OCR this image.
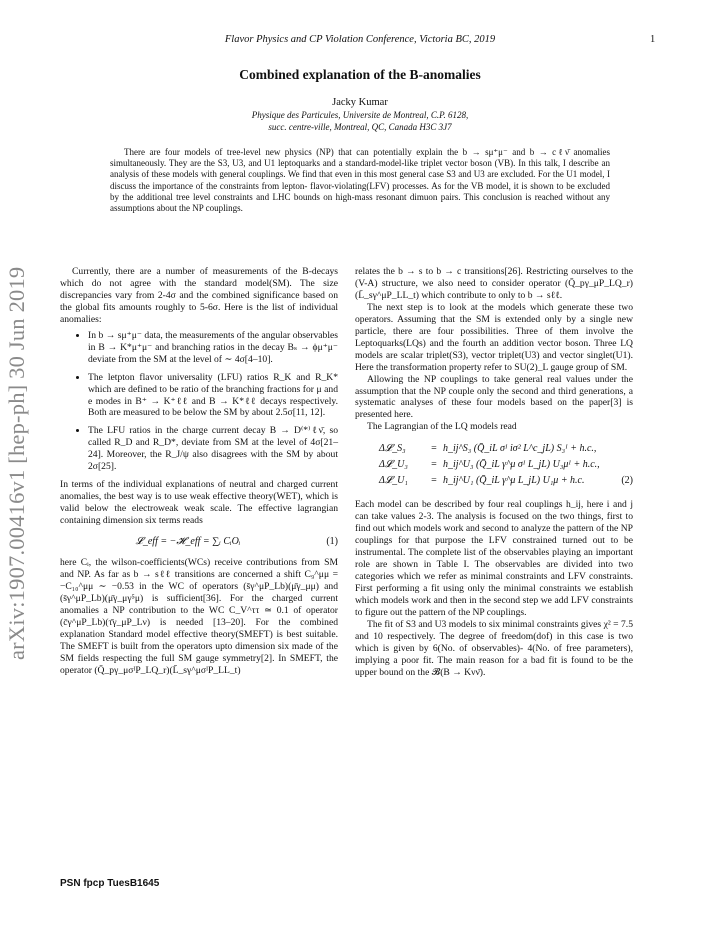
Flavor Physics and CP Violation Conference, Victoria BC, 2019	1
arXiv:1907.00416v1 [hep-ph] 30 Jun 2019
Combined explanation of the B-anomalies
Jacky Kumar
Physique des Particules, Universite de Montreal, C.P. 6128,
succ. centre-ville, Montreal, QC, Canada H3C 3J7
There are four models of tree-level new physics (NP) that can potentially explain the b → sμ⁺μ⁻ and b → cℓν̄ anomalies simultaneously. They are the S3, U3, and U1 leptoquarks and a standard-model-like triplet vector boson (VB). In this talk, I describe an analysis of these models with general couplings. We find that even in this most general case S3 and U3 are excluded. For the U1 model, I discuss the importance of the constraints from lepton- flavor-violating(LFV) processes. As for the VB model, it is shown to be excluded by the additional tree level constraints and LHC bounds on high-mass resonant dimuon pairs. This conclusion is reached without any assumptions about the NP couplings.

Currently, there are a number of measurements of the B-decays which do not agree with the standard model(SM). The size discrepancies vary from 2-4σ and the combined significance based on the global fits amounts roughly to 5-6σ. Here is the list of individual anomalies:

• In b → sμ⁺μ⁻ data, the measurements of the angular observables in B → K*μ⁺μ⁻ and branching ratios in the decay Bₛ → ϕμ⁺μ⁻ deviate from the SM at the level of ∼ 4σ[4–10].
• The letpton flavor universality (LFU) ratios R_K and R_K* which are defined to be ratio of the branching fractions for μ and e modes in B⁺ → K⁺ℓℓ and B → K*ℓℓ decays respectively. Both are measured to be below the SM by about 2.5σ[11, 12].
• The LFU ratios in the charge current decay B → D⁽*⁾ℓν̄, so called R_D and R_D*, deviate from SM at the level of 4σ[21–24]. Moreover, the R_J/ψ also disagrees with the SM by about 2σ[25].

In terms of the individual explanations of neutral and charged current anomalies, the best way is to use weak effective theory(WET), which is valid below the electroweak weak scale. The effective lagrangian containing dimension six terms reads

𝓛_eff = −𝓗_eff = ∑ᵢ CᵢOᵢ	(1)

here Cᵢ, the wilson-coefficients(WCs) receive contributions from SM and NP. As far as b → sℓℓ transitions are concerned a shift C₉^μμ = −C₁₀^μμ ∼ −0.53 in the WC of operators (s̄γ^μP_Lb)(μ̄γ_μμ) and (s̄γ^μP_Lb)(μ̄γ_μγ⁵μ) is sufficient[36]. For the charged current anomalies a NP contribution to the WC C_V^ττ ≃ 0.1 of operator (c̄γ^μP_Lb)(τ̄γ_μP_Lν) is needed [13–20]. For the combined explanation Standard model effective theory(SMEFT) is best suitable. The SMEFT is built from the operators upto dimension six made of the SM fields respecting the full SM gauge symmetry[2]. In SMEFT, the operator (Q̄_pγ_μσᴵP_LQ_r)(L̄_sγ^μσᴵP_LL_t)

relates the b → s to b → c transitions[26]. Restricting ourselves to the (V-A) structure, we also need to consider operator (Q̄_pγ_μP_LQ_r)(L̄_sγ^μP_LL_t) which contribute to only to b → sℓℓ.

The next step is to look at the models which generate these two operators. Assuming that the SM is extended only by a single new particle, there are four possibilities. Three of them involve the Leptoquarks(LQs) and the fourth an addition vector boson. Three LQ models are scalar triplet(S3), vector triplet(U3) and vector singlet(U1). Here the transformation property refer to SU(2)_L gauge group of SM.

Allowing the NP couplings to take general real values under the assumption that the NP couple only the second and third generations, a systematic analyses of these four models based on the paper[3] is presented here.

The Lagrangian of the LQ models read

Δ𝓛_S₃	= h_ij^S₃ (Q̄_iL σᴵ iσ² L^c_jL) S₃ᴵ + h.c.,
Δ𝓛_U₃	= h_ij^U₃ (Q̄_iL γ^μ σᴵ L_jL) U₃μᴵ + h.c.,
Δ𝓛_U₁	= h_ij^U₁ (Q̄_iL γ^μ L_jL) U₁μ + h.c.	(2)

Each model can be described by four real couplings h_ij, here i and j can take values 2-3. The analysis is focused on the two things, first to find out which models work and second to analyze the pattern of the NP couplings for that purpose the LFV constrained turned out to be instrumental. The complete list of the observables playing an important role are shown in Table I. The observables are divided into two categories which we refer as minimal constraints and LFV constraints. First performing a fit using only the minimal constraints we establish which models work and then in the second step we add LFV constraints to figure out the pattern of the NP couplings.

The fit of S3 and U3 models to six minimal constraints gives χ² = 7.5 and 10 respectively. The degree of freedom(dof) in this case is two which is given by 6(No. of observables)- 4(No. of free parameters), implying a poor fit. The main reason for a bad fit is found to be the upper bound on the 𝓑(B → Kνν̄).

PSN fpcp TuesB1645
